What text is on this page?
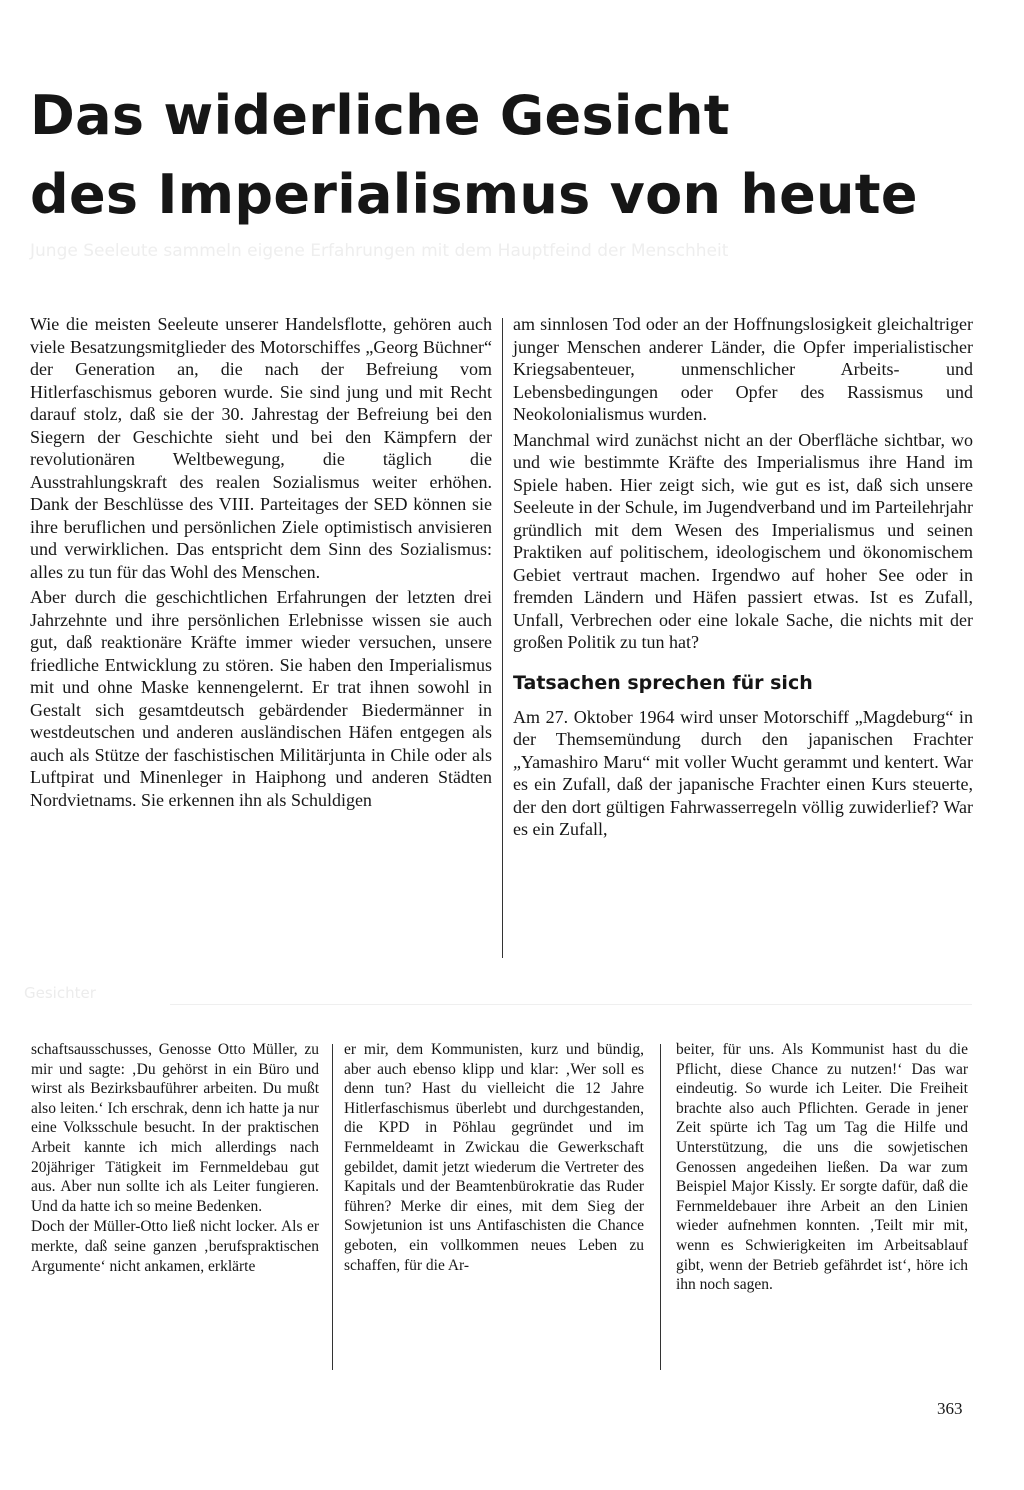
Das widerliche Gesicht
des Imperialismus von heute
Junge Seeleute sammeln eigene Erfahrungen mit dem Hauptfeind der Menschheit

Wie die meisten Seeleute unserer Handelsflotte, gehören auch viele Besatzungsmitglieder des Motorschiffes „Georg Büchner“ der Generation an, die nach der Befreiung vom Hitlerfaschismus geboren wurde. Sie sind jung und mit Recht darauf stolz, daß sie der 30. Jahrestag der Befreiung bei den Siegern der Geschichte sieht und bei den Kämpfern der revolutionären Weltbewegung, die täglich die Ausstrahlungskraft des realen Sozialismus weiter erhöhen. Dank der Beschlüsse des VIII. Parteitages der SED können sie ihre beruflichen und persönlichen Ziele optimistisch anvisieren und verwirklichen. Das entspricht dem Sinn des Sozialismus: alles zu tun für das Wohl des Menschen.

Aber durch die geschichtlichen Erfahrungen der letzten drei Jahrzehnte und ihre persönlichen Erlebnisse wissen sie auch gut, daß reaktionäre Kräfte immer wieder versuchen, unsere friedliche Entwicklung zu stören. Sie haben den Imperialismus mit und ohne Maske kennengelernt. Er trat ihnen sowohl in Gestalt sich gesamtdeutsch gebärdender Biedermänner in westdeutschen und anderen ausländischen Häfen entgegen als auch als Stütze der faschistischen Militärjunta in Chile oder als Luftpirat und Minenleger in Haiphong und anderen Städten Nordvietnams. Sie erkennen ihn als Schuldigen

am sinnlosen Tod oder an der Hoffnungslosigkeit gleichaltriger junger Menschen anderer Länder, die Opfer imperialistischer Kriegsabenteuer, unmenschlicher Arbeits- und Lebensbedingungen oder Opfer des Rassismus und Neokolonialismus wurden.

Manchmal wird zunächst nicht an der Oberfläche sichtbar, wo und wie bestimmte Kräfte des Imperialismus ihre Hand im Spiele haben. Hier zeigt sich, wie gut es ist, daß sich unsere Seeleute in der Schule, im Jugendverband und im Parteilehrjahr gründlich mit dem Wesen des Imperialismus und seinen Praktiken auf politischem, ideologischem und ökonomischem Gebiet vertraut machen. Irgendwo auf hoher See oder in fremden Ländern und Häfen passiert etwas. Ist es Zufall, Unfall, Verbrechen oder eine lokale Sache, die nichts mit der großen Politik zu tun hat?

Tatsachen sprechen für sich

Am 27. Oktober 1964 wird unser Motorschiff „Magdeburg“ in der Themsemündung durch den japanischen Frachter „Yamashiro Maru“ mit voller Wucht gerammt und kentert. War es ein Zufall, daß der japanische Frachter einen Kurs steuerte, der den dort gültigen Fahrwasserregeln völlig zuwiderlief? War es ein Zufall,

Gesichter

schaftsausschusses, Genosse Otto Müller, zu mir und sagte: ‚Du gehörst in ein Büro und wirst als Bezirksbauführer arbeiten. Du mußt also leiten.‘ Ich erschrak, denn ich hatte ja nur eine Volksschule besucht. In der praktischen Arbeit kannte ich mich allerdings nach 20jähriger Tätigkeit im Fernmeldebau gut aus. Aber nun sollte ich als Leiter fungieren. Und da hatte ich so meine Bedenken.

Doch der Müller-Otto ließ nicht locker. Als er merkte, daß seine ganzen ‚berufspraktischen Argumente‘ nicht ankamen, erklärte

er mir, dem Kommunisten, kurz und bündig, aber auch ebenso klipp und klar: ‚Wer soll es denn tun? Hast du vielleicht die 12 Jahre Hitlerfaschismus überlebt und durchgestanden, die KPD in Pöhlau gegründet und im Fernmeldeamt in Zwickau die Gewerkschaft gebildet, damit jetzt wiederum die Vertreter des Kapitals und der Beamtenbürokratie das Ruder führen? Merke dir eines, mit dem Sieg der Sowjetunion ist uns Antifaschisten die Chance geboten, ein vollkommen neues Leben zu schaffen, für die Ar-

beiter, für uns. Als Kommunist hast du die Pflicht, diese Chance zu nutzen!‘ Das war eindeutig. So wurde ich Leiter. Die Freiheit brachte also auch Pflichten. Gerade in jener Zeit spürte ich Tag um Tag die Hilfe und Unterstützung, die uns die sowjetischen Genossen angedeihen ließen. Da war zum Beispiel Major Kissly. Er sorgte dafür, daß die Fernmeldebauer ihre Arbeit an den Linien wieder aufnehmen konnten. ‚Teilt mir mit, wenn es Schwierigkeiten im Arbeitsablauf gibt, wenn der Betrieb gefährdet ist‘, höre ich ihn noch sagen.

363
